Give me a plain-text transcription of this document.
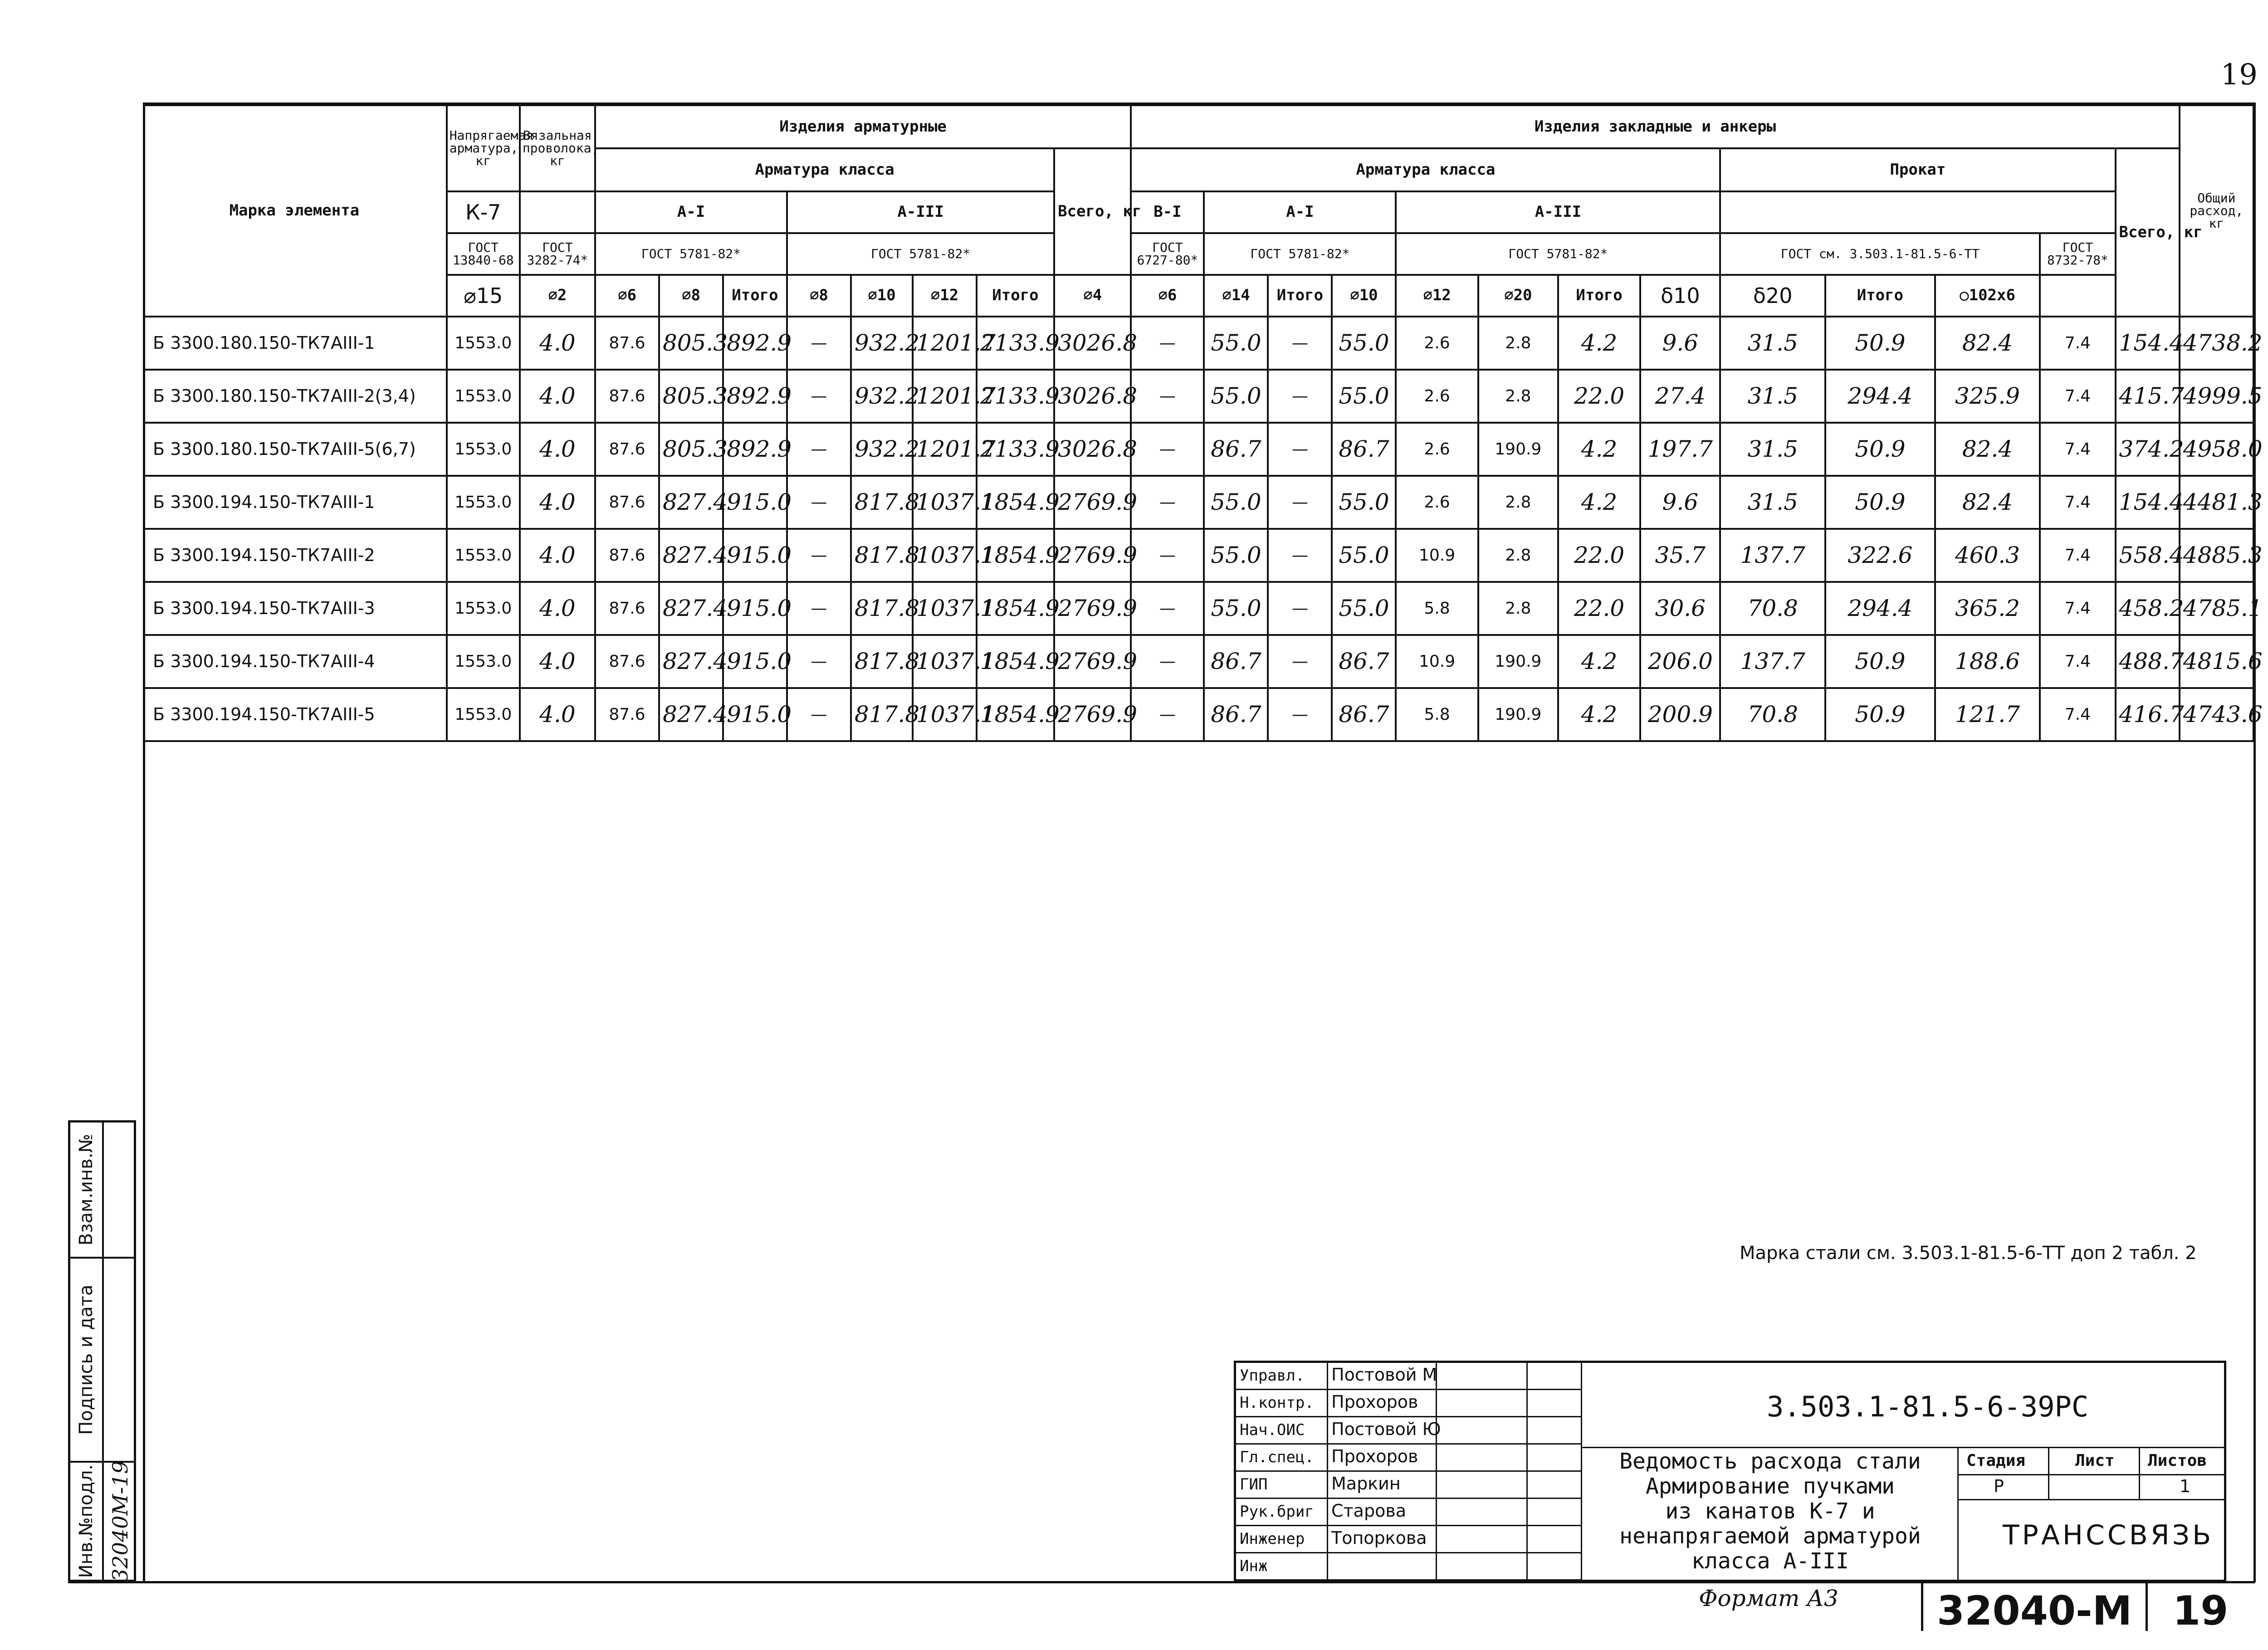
19
Марка элемента	Напрягаемая арматура, кг	Вязальная проволока, кг	Изделия арматурные								Изделия закладные и анкеры													Общий расход, кг
			Арматура класса							Всего, кг	Арматура класса								Прокат				Всего, кг	
	К-7		А-I			А-III					В-I	А-I			А-III									
	ГОСТ 13840-68	ГОСТ 3282-74*	ГОСТ 5781-82*			ГОСТ 5781-82*					ГОСТ 6727-80*	ГОСТ 5781-82*			ГОСТ 5781-82*				ГОСТ см. 3.503.1-81.5-6-ТТ			ГОСТ 8732-78*		
	⌀15	⌀2	⌀6	⌀8	Итого	⌀8	⌀10	⌀12	Итого	⌀4	⌀6	⌀14	Итого	⌀10	⌀12	⌀20	Итого	δ10	δ20	Итого	○102x6			
Б 3300.180.150-ТК7АIII-1	1553.0	4.0	87.6	805.3	892.9	—	932.2	1201.7	2133.9	3026.8	—	55.0	—	55.0	2.6	2.8	4.2	9.6	31.5	50.9	82.4	7.4	154.4	4738.2
Б 3300.180.150-ТК7АIII-2(3,4)	1553.0	4.0	87.6	805.3	892.9	—	932.2	1201.7	2133.9	3026.8	—	55.0	—	55.0	2.6	2.8	22.0	27.4	31.5	294.4	325.9	7.4	415.7	4999.5
Б 3300.180.150-ТК7АIII-5(6,7)	1553.0	4.0	87.6	805.3	892.9	—	932.2	1201.7	2133.9	3026.8	—	86.7	—	86.7	2.6	190.9	4.2	197.7	31.5	50.9	82.4	7.4	374.2	4958.0
Б 3300.194.150-ТК7АIII-1	1553.0	4.0	87.6	827.4	915.0	—	817.8	1037.1	1854.9	2769.9	—	55.0	—	55.0	2.6	2.8	4.2	9.6	31.5	50.9	82.4	7.4	154.4	4481.3
Б 3300.194.150-ТК7АIII-2	1553.0	4.0	87.6	827.4	915.0	—	817.8	1037.1	1854.9	2769.9	—	55.0	—	55.0	10.9	2.8	22.0	35.7	137.7	322.6	460.3	7.4	558.4	4885.3
Б 3300.194.150-ТК7АIII-3	1553.0	4.0	87.6	827.4	915.0	—	817.8	1037.1	1854.9	2769.9	—	55.0	—	55.0	5.8	2.8	22.0	30.6	70.8	294.4	365.2	7.4	458.2	4785.1
Б 3300.194.150-ТК7АIII-4	1553.0	4.0	87.6	827.4	915.0	—	817.8	1037.1	1854.9	2769.9	—	86.7	—	86.7	10.9	190.9	4.2	206.0	137.7	50.9	188.6	7.4	488.7	4815.6
Б 3300.194.150-ТК7АIII-5	1553.0	4.0	87.6	827.4	915.0	—	817.8	1037.1	1854.9	2769.9	—	86.7	—	86.7	5.8	190.9	4.2	200.9	70.8	50.9	121.7	7.4	416.7	4743.6
Марка стали см. 3.503.1-81.5-6-ТТ доп 2 табл. 2
Взам.инв.№
Подпись и дата
Инв.№подл. 32040М-19
Управл. Постовой М
Н.контр. Прохоров
Нач.ОИС Постовой Ю
Гл.спец. Прохоров
ГИП	Маркин
Рук.бриг Старова
Инженер Топоркова
Инж
3.503.1-81.5-6-39РС
Ведомость расхода стали
Армирование пучками
из канатов К-7 и
ненапрягаемой арматурой
класса А-III
Стадия	Лист Листов
Р	1
ТРАНССВЯЗЬ
Формат А3 32040-М 19
